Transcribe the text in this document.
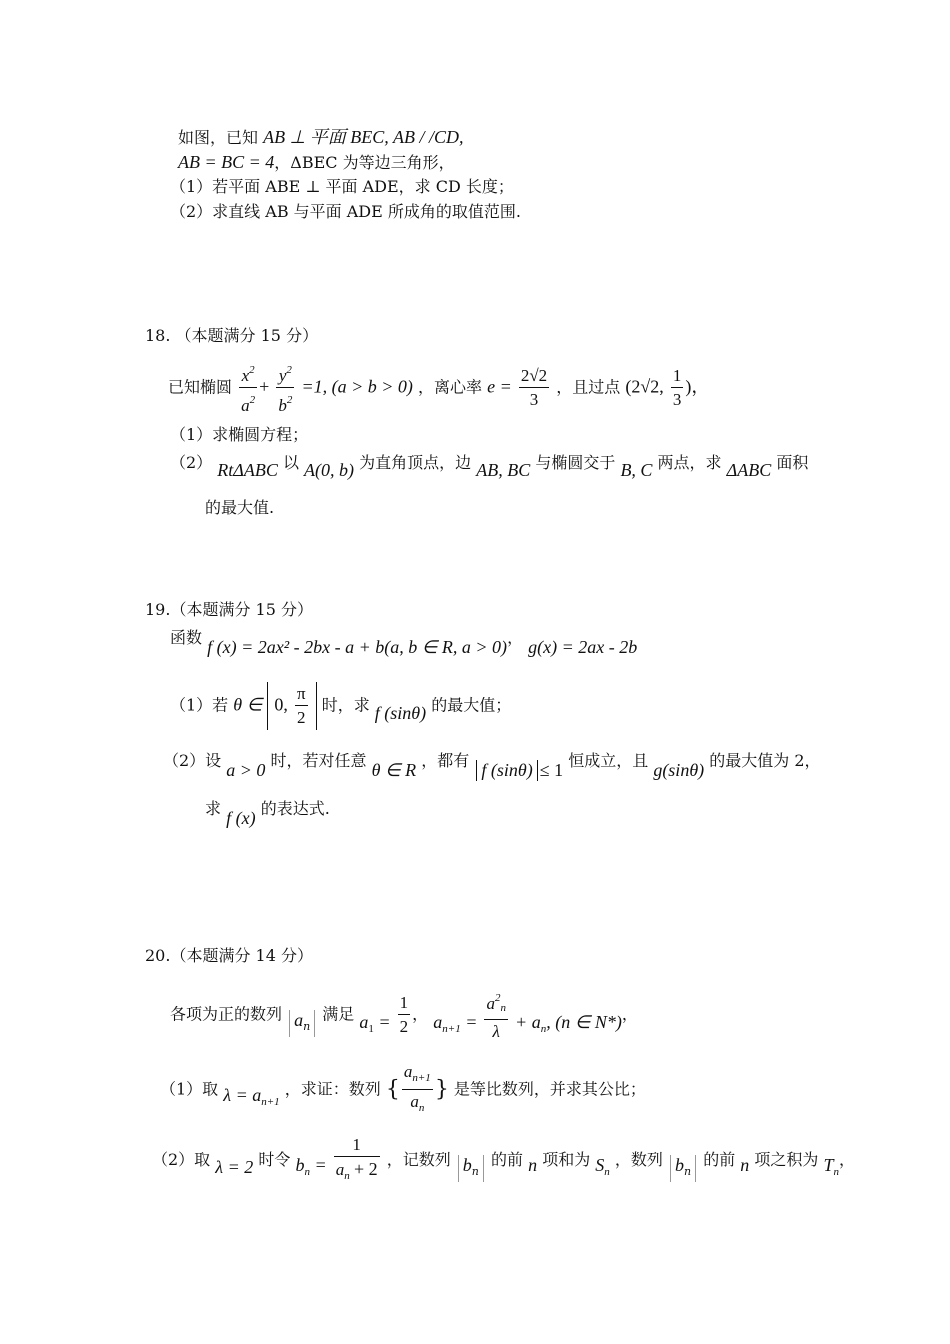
如图，已知 AB ⊥ 平面 BEC, AB / /CD,
AB = BC = 4，ΔBEC 为等边三角形，
（1）若平面 ABE ⊥ 平面 ADE，求 CD 长度；
（2）求直线 AB 与平面 ADE 所成角的取值范围.
18. （本题满分 15 分）
已知椭圆 $\frac{x^2}{a^2} + \frac{y^2}{b^2} =1$, (a > b > 0) ，离心率 $e = \frac{2√2}{3}$ ，且过点 (2√2, $\frac{1}{3}$ )，
（1）求椭圆方程；
（2） RtΔABC 以 A(0, b) 为直角顶点，边 AB, BC 与椭圆交于 B, C 两点，求 ΔABC 面积
的最大值.
19.（本题满分 15 分）
函数 f (x) = 2ax² - 2bx - a + b(a, b ∈ R, a > 0)， g(x) = 2ax - 2b
（1）若 θ ∈ 0, $\frac{\pi}{2}$ 时，求 f (sinθ) 的最大值；
（2）设 a > 0 时，若对任意 θ ∈ R ，都有 f (sinθ) ≤ 1 恒成立，且 g(sinθ) 的最大值为 2，
求 f (x) 的表达式.
20.（本题满分 14 分）
各项为正的数列 $a_n$ 满足 $a_1 = \frac{1}{2}$ ， $a_{n+1} = \frac{a^2n}{\lambda} + a_n$, (n ∈ N*)，
（1）取 $\lambda = a_{n+1}$ ，求证：数列 { $\frac{a_{n+1}}{a_n}$ } 是等比数列，并求其公比；
（2）取 λ = 2 时令 $b_n = \frac{1}{a_n + 2}$ ，记数列 $b_n$ 的前 n 项和为 $S_n$ ，数列 $b_n$ 的前 n 项之积为 $T_n$，
